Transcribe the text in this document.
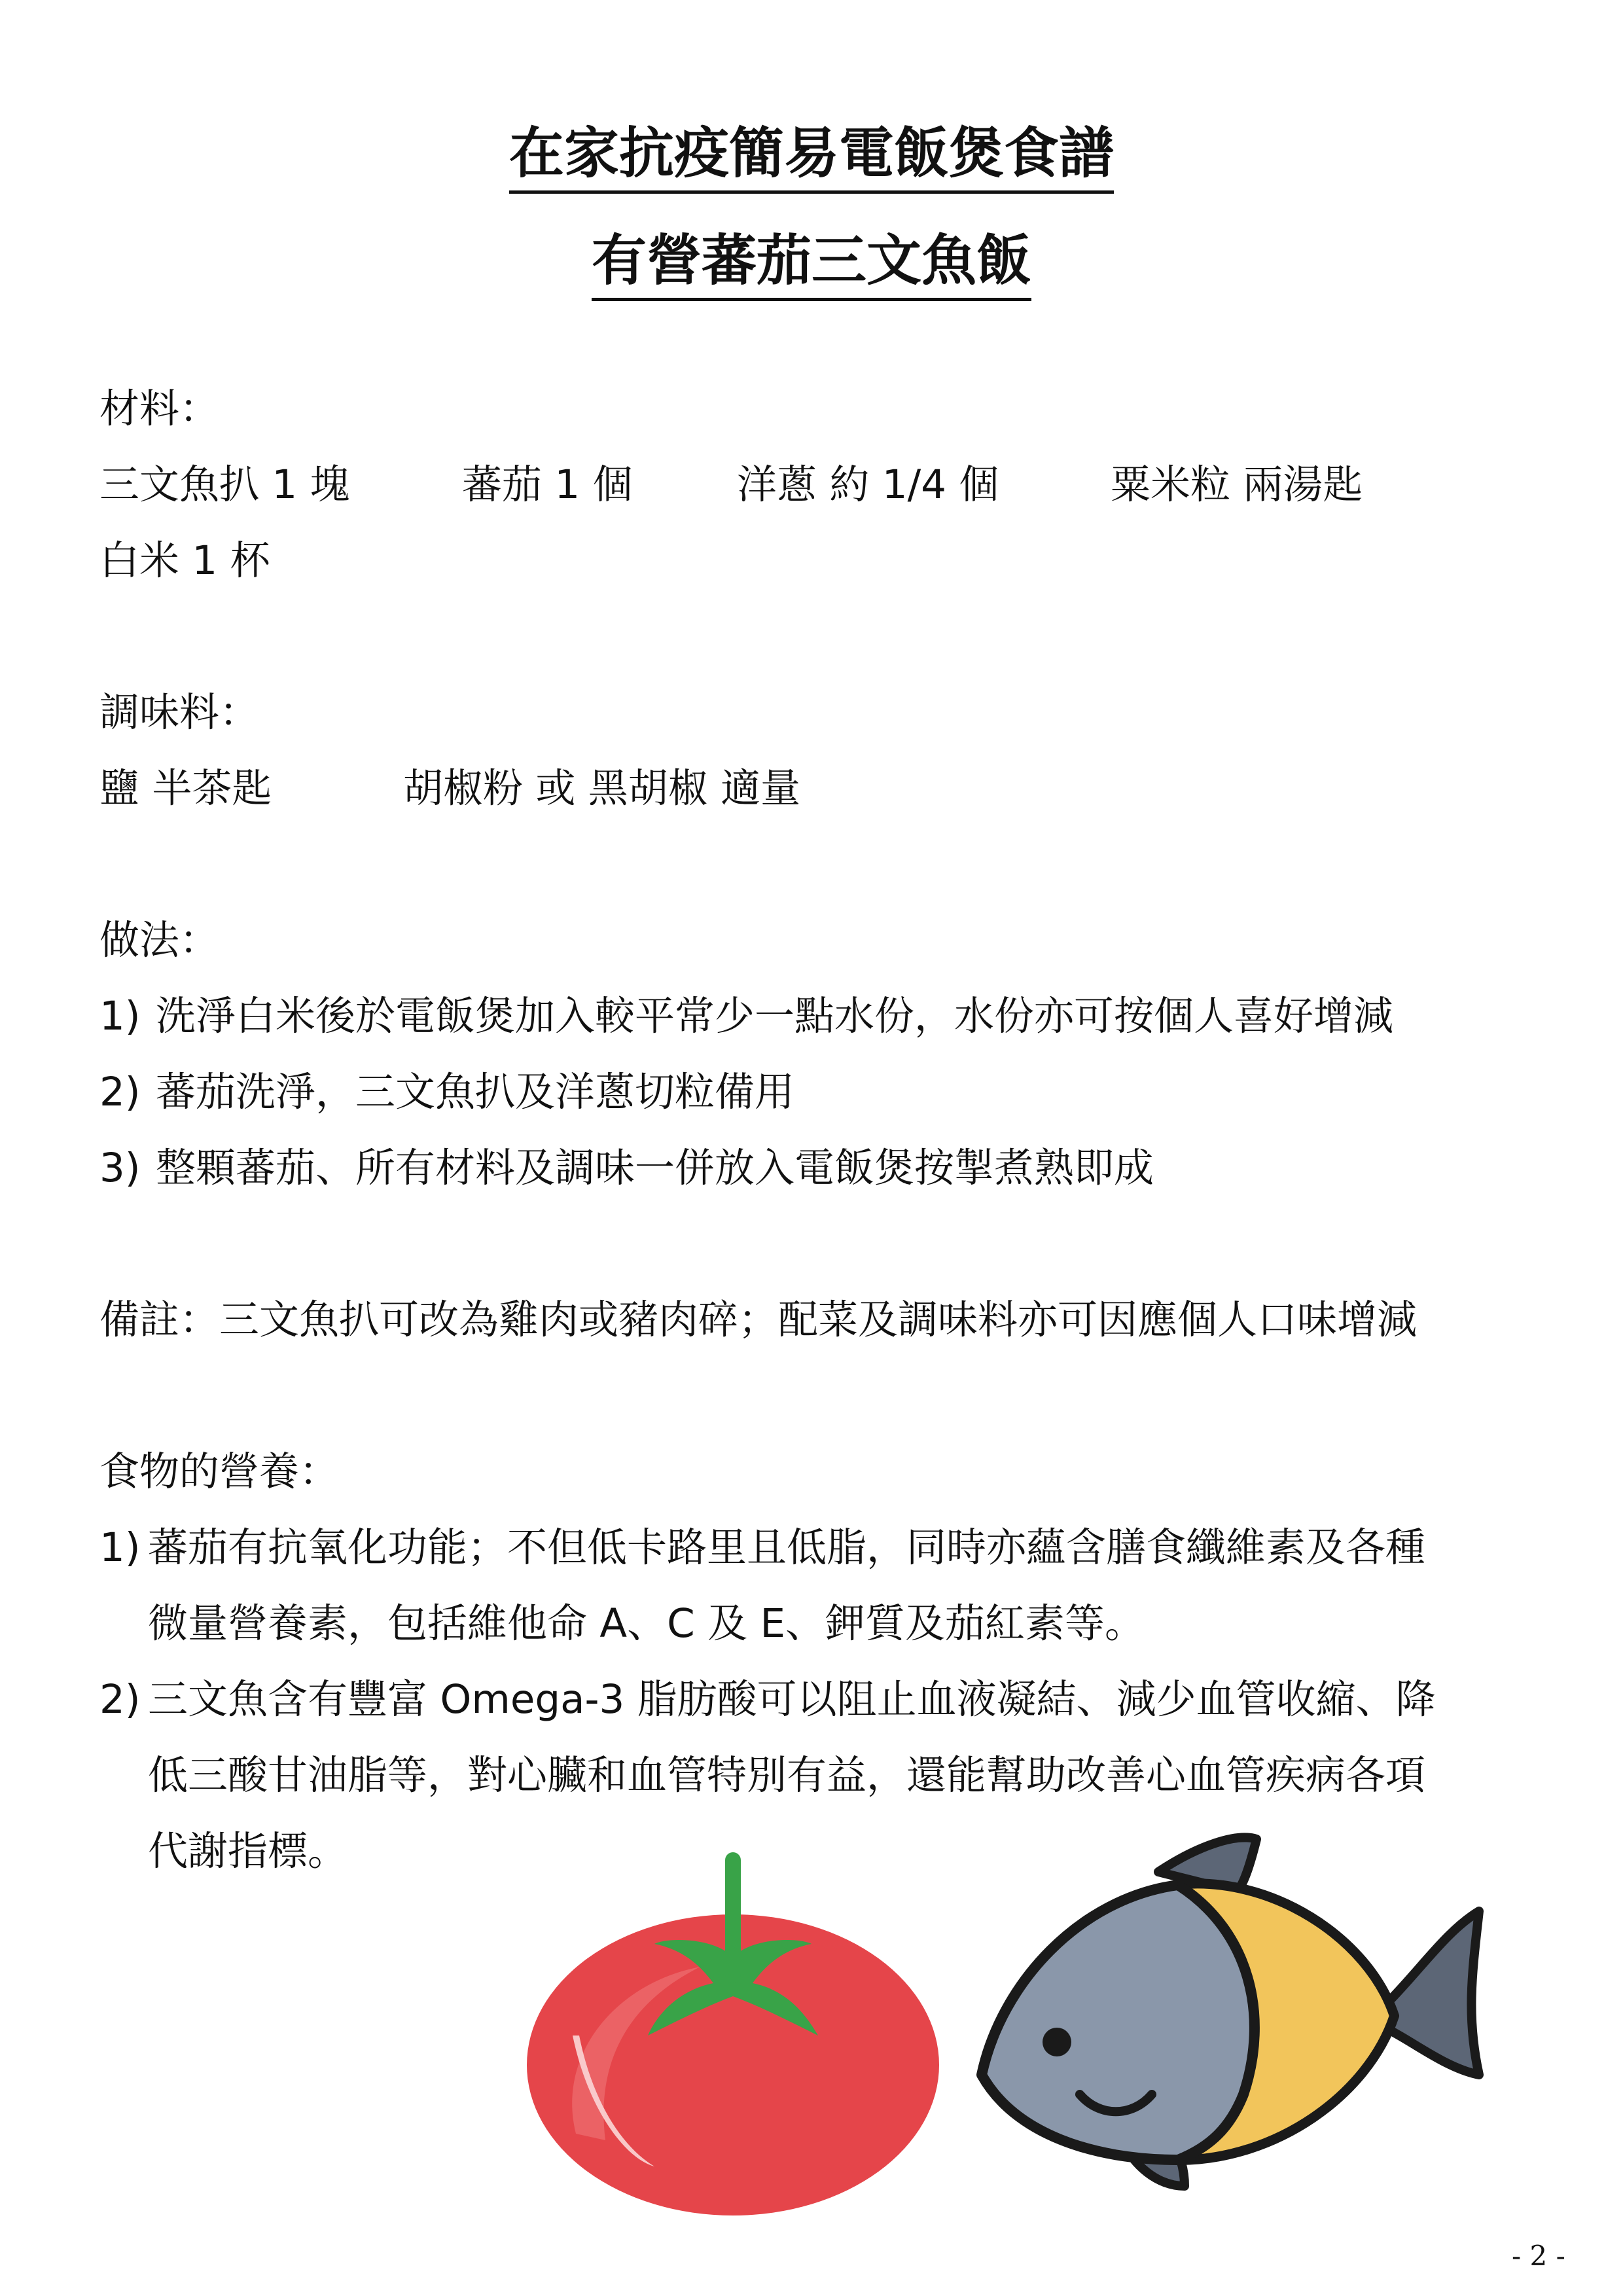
在家抗疫簡易電飯煲食譜
有營蕃茄三文魚飯
材料：
三文魚扒 1 塊	蕃茄 1 個	洋蔥 約 1/4 個	粟米粒 兩湯匙
白米 1 杯
調味料：
鹽 半茶匙	胡椒粉 或 黑胡椒 適量
做法：
1) 洗淨白米後於電飯煲加入較平常少一點水份，水份亦可按個人喜好增減
2) 蕃茄洗淨，三文魚扒及洋蔥切粒備用
3) 整顆蕃茄、所有材料及調味一併放入電飯煲按掣煮熟即成
備註：三文魚扒可改為雞肉或豬肉碎；配菜及調味料亦可因應個人口味增減
食物的營養：
1) 蕃茄有抗氧化功能；不但低卡路里且低脂，同時亦蘊含膳食纖維素及各種
微量營養素，包括維他命 A、C 及 E、鉀質及茄紅素等。
2) 三文魚含有豐富 Omega-3 脂肪酸可以阻止血液凝結、減少血管收縮、降
低三酸甘油脂等，對心臟和血管特別有益，還能幫助改善心血管疾病各項
代謝指標。
- 2 -
